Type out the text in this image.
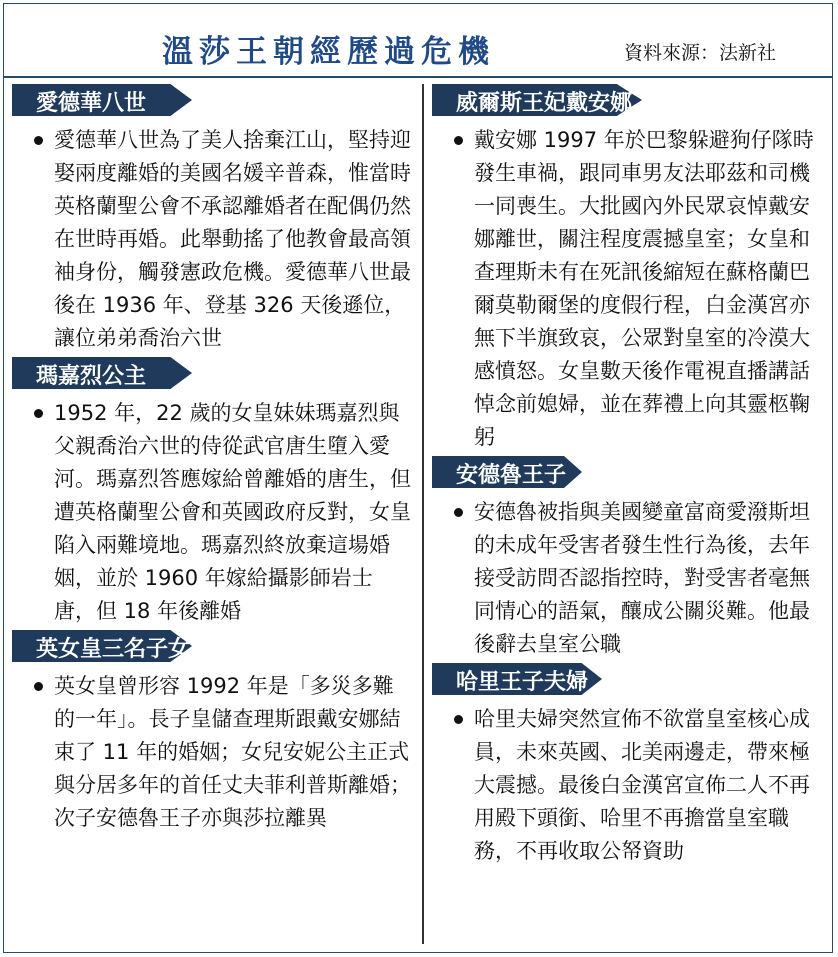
溫莎王朝經歷過危機	資料來源：法新社
愛德華八世
愛德華八世為了美人捨棄江山，堅持迎娶兩度離婚的美國名媛辛普森，惟當時英格蘭聖公會不承認離婚者在配偶仍然在世時再婚。此舉動搖了他教會最高領袖身份，觸發憲政危機。愛德華八世最後在 1936 年、登基 326 天後遜位，讓位弟弟喬治六世
瑪嘉烈公主
1952 年，22 歲的女皇妹妹瑪嘉烈與父親喬治六世的侍從武官唐生墮入愛河。瑪嘉烈答應嫁給曾離婚的唐生，但遭英格蘭聖公會和英國政府反對，女皇陷入兩難境地。瑪嘉烈終放棄這場婚姻，並於 1960 年嫁給攝影師岩士唐，但 18 年後離婚
英女皇三名子女
英女皇曾形容 1992 年是「多災多難的一年」。長子皇儲查理斯跟戴安娜結束了 11 年的婚姻；女兒安妮公主正式與分居多年的首任丈夫菲利普斯離婚；次子安德魯王子亦與莎拉離異
威爾斯王妃戴安娜
戴安娜 1997 年於巴黎躲避狗仔隊時發生車禍，跟同車男友法耶茲和司機一同喪生。大批國內外民眾哀悼戴安娜離世，關注程度震撼皇室；女皇和查理斯未有在死訊後縮短在蘇格蘭巴爾莫勒爾堡的度假行程，白金漢宮亦無下半旗致哀，公眾對皇室的冷漠大感憤怒。女皇數天後作電視直播講話悼念前媳婦，並在葬禮上向其靈柩鞠躬
安德魯王子
安德魯被指與美國變童富商愛潑斯坦的未成年受害者發生性行為後，去年接受訪問否認指控時，對受害者毫無同情心的語氣，釀成公關災難。他最後辭去皇室公職
哈里王子夫婦
哈里夫婦突然宣佈不欲當皇室核心成員，未來英國、北美兩邊走，帶來極大震撼。最後白金漢宮宣佈二人不再用殿下頭銜、哈里不再擔當皇室職務，不再收取公帑資助
